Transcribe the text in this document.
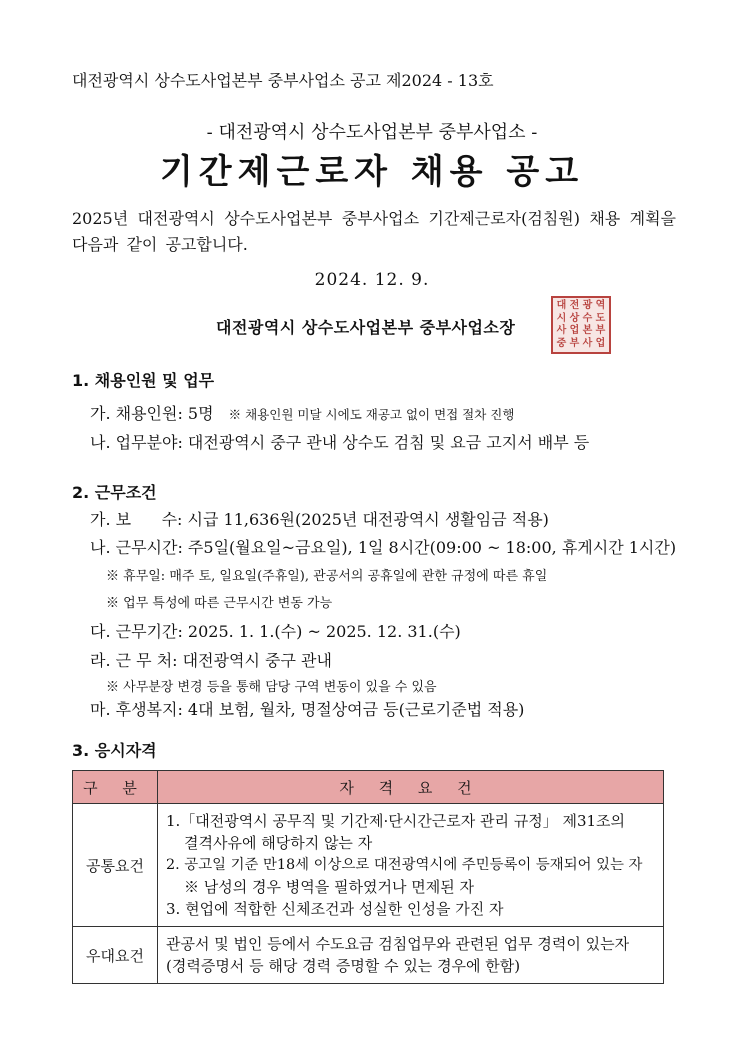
대전광역시 상수도사업본부 중부사업소 공고 제2024 - 13호
- 대전광역시 상수도사업본부 중부사업소 -
기간제근로자 채용 공고
2025년 대전광역시 상수도사업본부 중부사업소 기간제근로자(검침원) 채용 계획을 다음과 같이 공고합니다.
2024. 12. 9.
대전광역시 상수도사업본부 중부사업소장
대 전 광 역
시 상 수 도
사 업 본 부
중 부 사 업
1. 채용인원 및 업무
가. 채용인원: 5명 ※ 채용인원 미달 시에도 재공고 없이 면접 절차 진행
나. 업무분야: 대전광역시 중구 관내 상수도 검침 및 요금 고지서 배부 등
2. 근무조건
가. 보      수: 시급 11,636원(2025년 대전광역시 생활임금 적용)
나. 근무시간: 주5일(월요일~금요일), 1일 8시간(09:00 ~ 18:00, 휴게시간 1시간)
※ 휴무일: 매주 토, 일요일(주휴일), 관공서의 공휴일에 관한 규정에 따른 휴일
※ 업무 특성에 따른 근무시간 변동 가능
다. 근무기간: 2025. 1. 1.(수) ~ 2025. 12. 31.(수)
라. 근 무 처: 대전광역시 중구 관내
※ 사무분장 변경 등을 통해 담당 구역 변동이 있을 수 있음
마. 후생복지: 4대 보험, 월차, 명절상여금 등(근로기준법 적용)
3. 응시자격
구 분	자 격 요 건
공통요건	1.「대전광역시 공무직 및 기간제·단시간근로자 관리 규정」 제31조의
결격사유에 해당하지 않는 자
2. 공고일 기준 만18세 이상으로 대전광역시에 주민등록이 등재되어 있는 자
※ 남성의 경우 병역을 필하였거나 면제된 자
3. 현업에 적합한 신체조건과 성실한 인성을 가진 자

우대요건	관공서 및 법인 등에서 수도요금 검침업무와 관련된 업무 경력이 있는자
(경력증명서 등 해당 경력 증명할 수 있는 경우에 한함)
